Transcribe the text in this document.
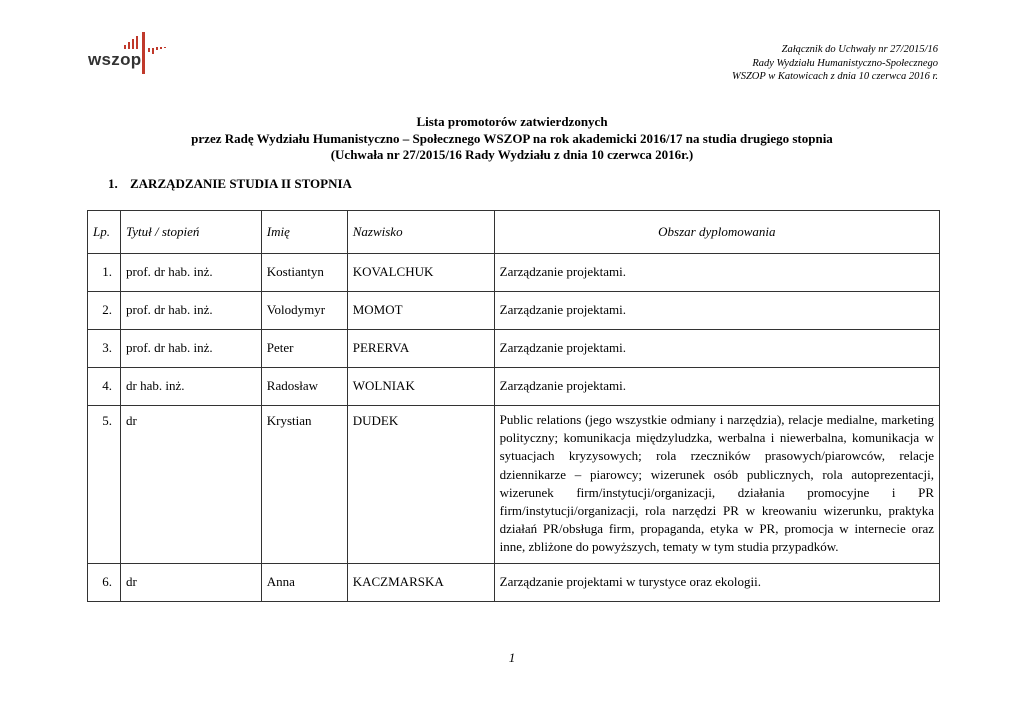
wszop
Załącznik do Uchwały nr 27/2015/16
Rady Wydziału Humanistyczno-Społecznego
WSZOP w Katowicach z dnia 10 czerwca 2016 r.
Lista promotorów zatwierdzonych
przez Radę Wydziału Humanistyczno – Społecznego WSZOP na rok akademicki 2016/17 na studia drugiego stopnia
(Uchwała nr 27/2015/16 Rady Wydziału z dnia 10 czerwca 2016r.)
1. ZARZĄDZANIE STUDIA II STOPNIA
Lp.	Tytuł / stopień	Imię	Nazwisko	Obszar dyplomowania
1.	prof. dr hab. inż.	Kostiantyn	KOVALCHUK	Zarządzanie projektami.
2.	prof. dr hab. inż.	Volodymyr	MOMOT	Zarządzanie projektami.
3.	prof. dr hab. inż.	Peter	PERERVA	Zarządzanie projektami.
4.	dr hab. inż.	Radosław	WOLNIAK	Zarządzanie projektami.
5.	dr	Krystian	DUDEK	Public relations (jego wszystkie odmiany i narzędzia), relacje medialne, marketing polityczny; komunikacja międzyludzka, werbalna i niewerbalna, komunikacja w sytuacjach kryzysowych; rola rzeczników prasowych/piarowców, relacje dziennikarze – piarowcy; wizerunek osób publicznych, rola autoprezentacji, wizerunek firm/instytucji/organizacji, działania promocyjne i PR firm/instytucji/organizacji, rola narzędzi PR w kreowaniu wizerunku, praktyka działań PR/obsługa firm, propaganda, etyka w PR, promocja w internecie oraz inne, zbliżone do powyższych, tematy w tym studia przypadków.
6.	dr	Anna	KACZMARSKA	Zarządzanie projektami w turystyce oraz ekologii.
1
